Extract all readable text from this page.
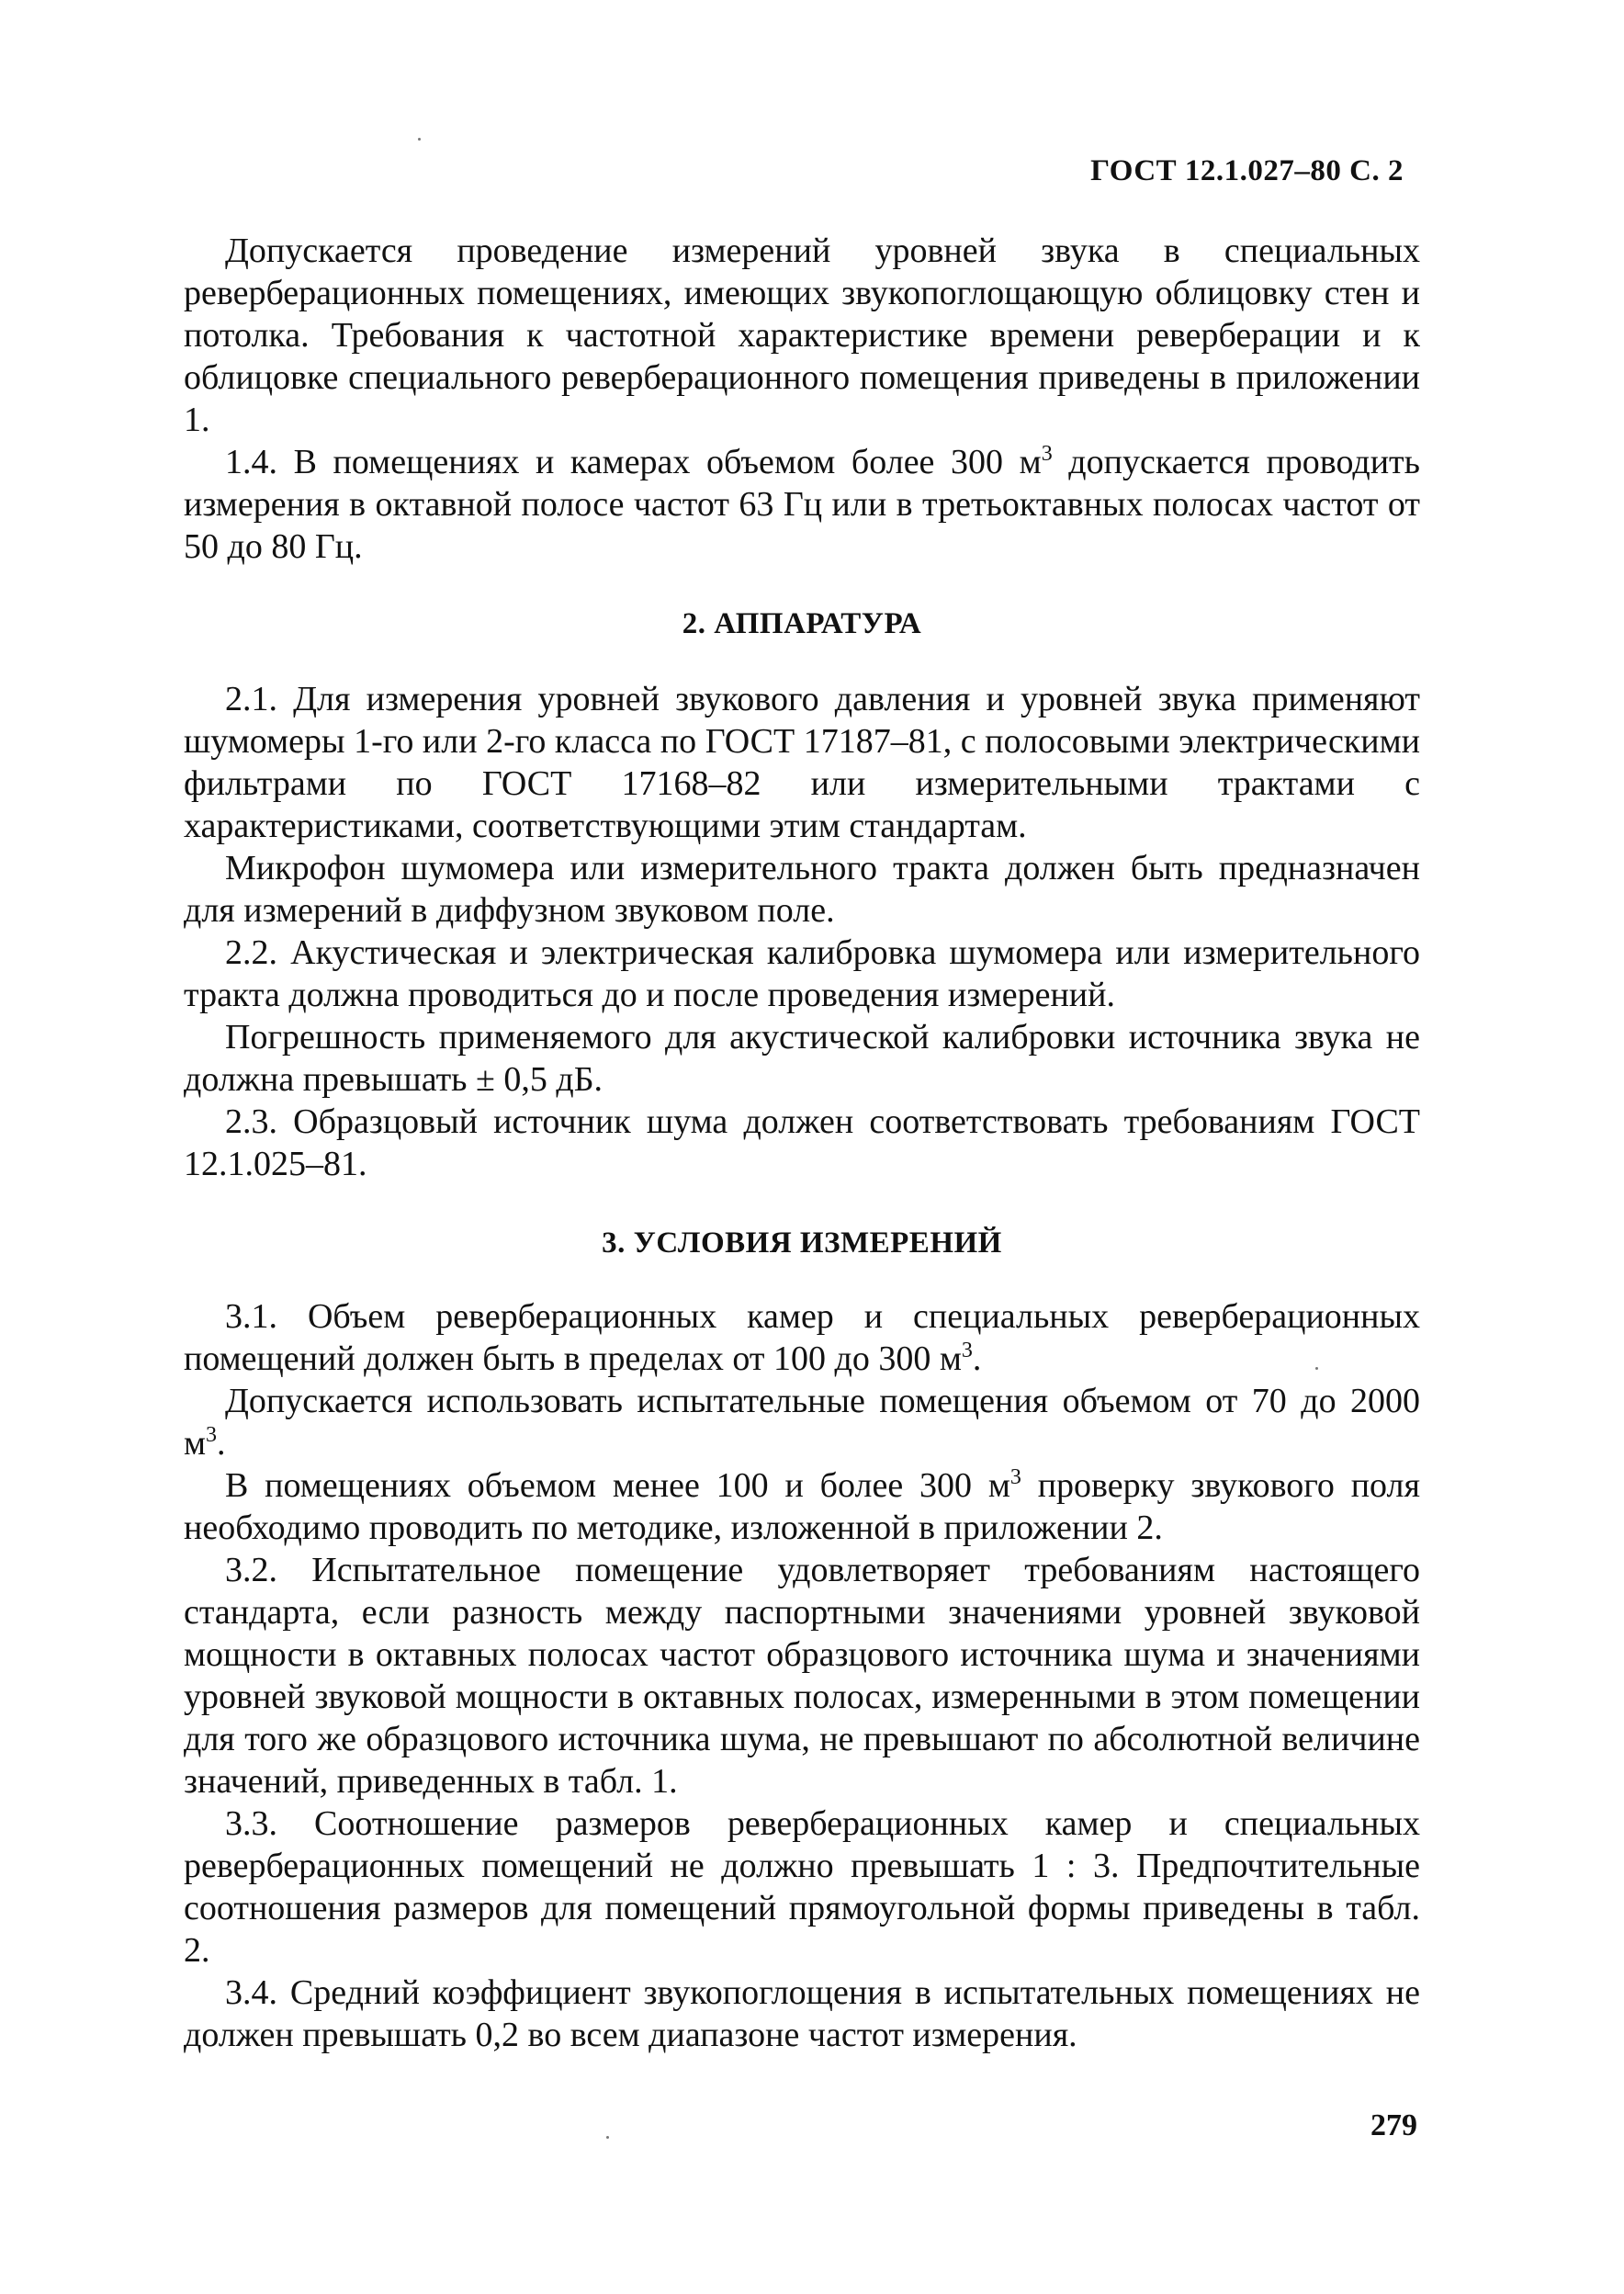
ГОСТ 12.1.027–80 С. 2

Допускается проведение измерений уровней звука в специальных реверберационных помещениях, имеющих звукопоглощающую облицовку стен и потолка. Требования к частотной характеристике времени реверберации и к облицовке специального реверберационного помещения приведены в приложении 1.

1.4. В помещениях и камерах объемом более 300 $м^3$ допускается проводить измерения в октавной полосе частот 63 Гц или в третьоктавных полосах частот от 50 до 80 Гц.

2. АППАРАТУРА

2.1. Для измерения уровней звукового давления и уровней звука применяют шумомеры 1-го или 2-го класса по ГОСТ 17187–81, с полосовыми электрическими фильтрами по ГОСТ 17168–82 или измерительными трактами с характеристиками, соответствующими этим стандартам.

Микрофон шумомера или измерительного тракта должен быть предназначен для измерений в диффузном звуковом поле.

2.2. Акустическая и электрическая калибровка шумомера или измерительного тракта должна проводиться до и после проведения измерений.

Погрешность применяемого для акустической калибровки источника звука не должна превышать ± 0,5 дБ.

2.3. Образцовый источник шума должен соответствовать требованиям ГОСТ 12.1.025–81.

3. УСЛОВИЯ ИЗМЕРЕНИЙ

3.1. Объем реверберационных камер и специальных реверберационных помещений должен быть в пределах от 100 до 300 $м^3$.

Допускается использовать испытательные помещения объемом от 70 до 2000 $м^3$.

В помещениях объемом менее 100 и более 300 $м^3$ проверку звукового поля необходимо проводить по методике, изложенной в приложении 2.

3.2. Испытательное помещение удовлетворяет требованиям настоящего стандарта, если разность между паспортными значениями уровней звуковой мощности в октавных полосах частот образцового источника шума и значениями уровней звуковой мощности в октавных полосах, измеренными в этом помещении для того же образцового источника шума, не превышают по абсолютной величине значений, приведенных в табл. 1.

3.3. Соотношение размеров реверберационных камер и специальных реверберационных помещений не должно превышать 1 : 3. Предпочтительные соотношения размеров для помещений прямоугольной формы приведены в табл. 2.

3.4. Средний коэффициент звукопоглощения в испытательных помещениях не должен превышать 0,2 во всем диапазоне частот измерения.

279
